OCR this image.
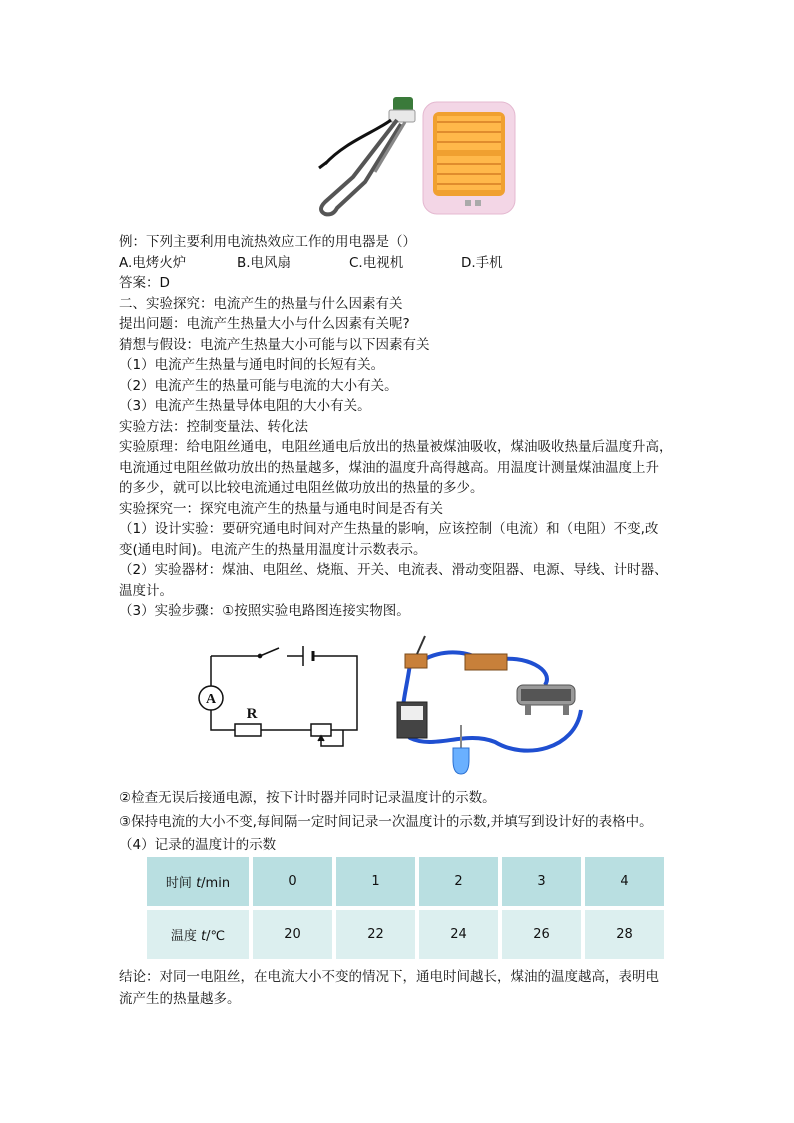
例：下列主要利用电流热效应工作的用电器是（）
A.电烤火炉	B.电风扇	C.电视机	D.手机
答案：D
二、实验探究：电流产生的热量与什么因素有关
提出问题：电流产生热量大小与什么因素有关呢?
猜想与假设：电流产生热量大小可能与以下因素有关
（1）电流产生热量与通电时间的长短有关。
（2）电流产生的热量可能与电流的大小有关。
（3）电流产生热量导体电阻的大小有关。
实验方法：控制变量法、转化法
实验原理：给电阻丝通电，电阻丝通电后放出的热量被煤油吸收，煤油吸收热量后温度升高，
电流通过电阻丝做功放出的热量越多，煤油的温度升高得越高。用温度计测量煤油温度上升
的多少，就可以比较电流通过电阻丝做功放出的热量的多少。
实验探究一：探究电流产生的热量与通电时间是否有关
（1）设计实验：要研究通电时间对产生热量的影响，应该控制（电流）和（电阻）不变,改
变(通电时间)。电流产生的热量用温度计示数表示。
（2）实验器材：煤油、电阻丝、烧瓶、开关、电流表、滑动变阻器、电源、导线、计时器、
温度计。
（3）实验步骤：①按照实验电路图连接实物图。
A
R
②检查无误后接通电源，按下计时器并同时记录温度计的示数。
③保持电流的大小不变,每间隔一定时间记录一次温度计的示数,并填写到设计好的表格中。
（4）记录的温度计的示数
时间 t/min	0	1	2	3	4
温度 t/℃	20	22	24	26	28
结论：对同一电阻丝，在电流大小不变的情况下，通电时间越长，煤油的温度越高，表明电
流产生的热量越多。
